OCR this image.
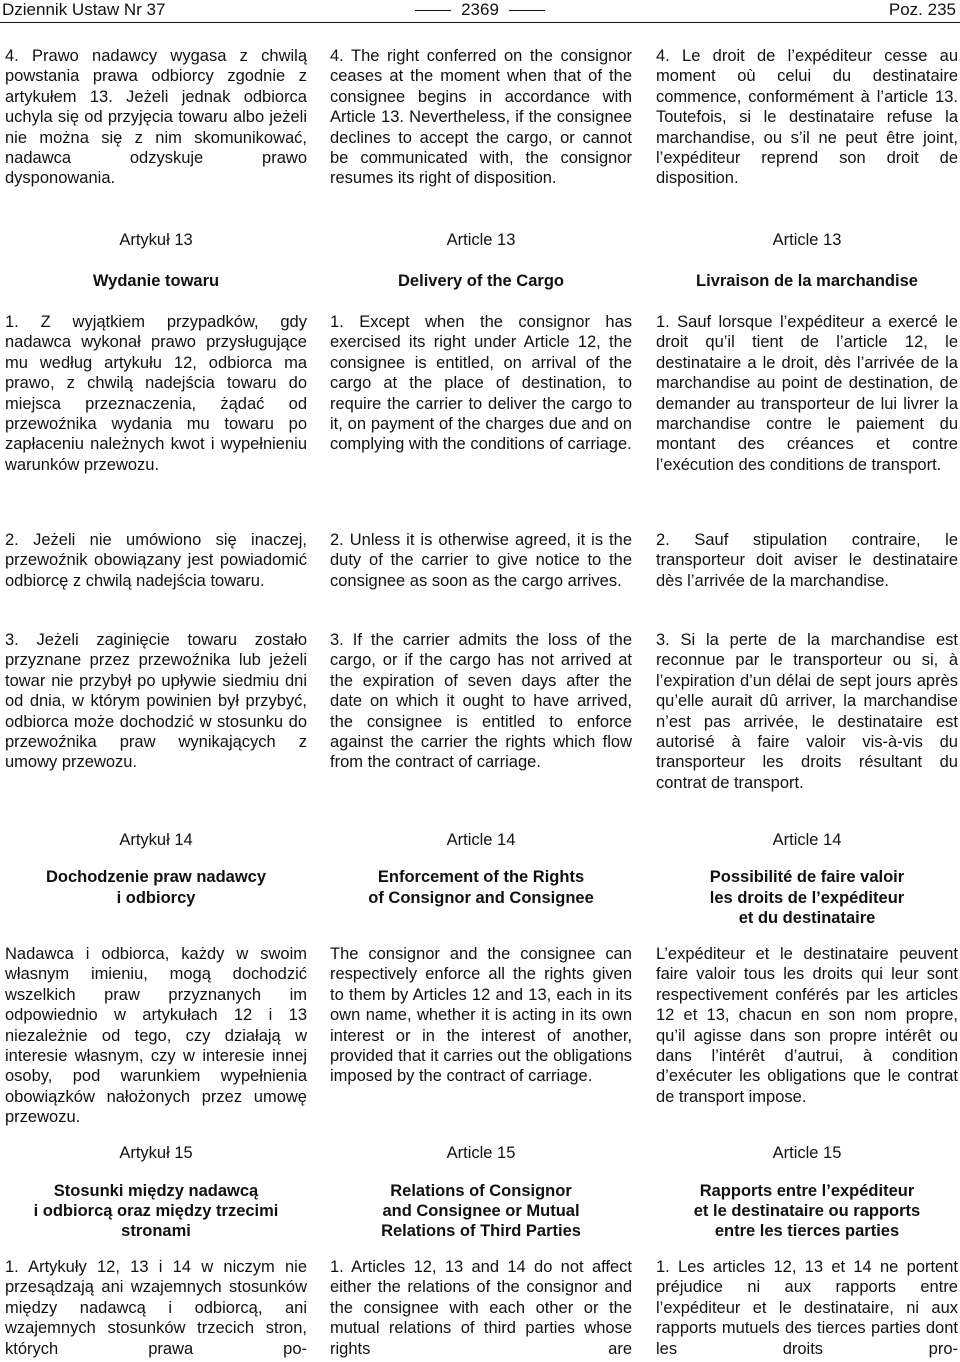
Dziennik Ustaw Nr 37	2369	Poz. 235

4. Prawo nadawcy wygasa z chwilą powstania prawa odbiorcy zgodnie z artykułem 13. Jeżeli jednak odbiorca uchyla się od przyjęcia towaru albo jeżeli nie można się z nim skomunikować, nadawca odzyskuje prawo dysponowania.

Artykuł 13
Wydanie towaru

1. Z wyjątkiem przypadków, gdy nadawca wykonał prawo przysługujące mu według artykułu 12, odbiorca ma prawo, z chwilą nadejścia towaru do miejsca przeznaczenia, żądać od przewoźnika wydania mu towaru po zapłaceniu należnych kwot i wypełnieniu warunków przewozu.

2. Jeżeli nie umówiono się inaczej, przewoźnik obowiązany jest powiadomić odbiorcę z chwilą nadejścia towaru.

3. Jeżeli zaginięcie towaru zostało przyznane przez przewoźnika lub jeżeli towar nie przybył po upływie siedmiu dni od dnia, w którym powinien był przybyć, odbiorca może dochodzić w stosunku do przewoźnika praw wynikających z umowy przewozu.

Artykuł 14
Dochodzenie praw nadawcy
i odbiorcy

Nadawca i odbiorca, każdy w swoim własnym imieniu, mogą dochodzić wszelkich praw przyznanych im odpowiednio w artykułach 12 i 13 niezależnie od tego, czy działają w interesie własnym, czy w interesie innej osoby, pod warunkiem wypełnienia obowiązków nałożonych przez umowę przewozu.

Artykuł 15
Stosunki między nadawcą
i odbiorcą oraz między trzecimi
stronami

1. Artykuły 12, 13 i 14 w niczym nie przesądzają ani wzajemnych stosunków między nadawcą i odbiorcą, ani wzajemnych stosunków trzecich stron, których prawa po-

4. The right conferred on the consignor ceases at the moment when that of the consignee begins in accordance with Article 13. Nevertheless, if the consignee declines to accept the cargo, or cannot be communicated with, the consignor resumes its right of disposition.

Article 13
Delivery of the Cargo

1. Except when the consignor has exercised its right under Article 12, the consignee is entitled, on arrival of the cargo at the place of destination, to require the carrier to deliver the cargo to it, on payment of the charges due and on complying with the conditions of carriage.

2. Unless it is otherwise agreed, it is the duty of the carrier to give notice to the consignee as soon as the cargo arrives.

3. If the carrier admits the loss of the cargo, or if the cargo has not arrived at the expiration of seven days after the date on which it ought to have arrived, the consignee is entitled to enforce against the carrier the rights which flow from the contract of carriage.

Article 14
Enforcement of the Rights
of Consignor and Consignee

The consignor and the consignee can respectively enforce all the rights given to them by Articles 12 and 13, each in its own name, whether it is acting in its own interest or in the interest of another, provided that it carries out the obligations imposed by the contract of carriage.

Article 15
Relations of Consignor
and Consignee or Mutual
Relations of Third Parties

1. Articles 12, 13 and 14 do not affect either the relations of the consignor and the consignee with each other or the mutual relations of third parties whose rights are

4. Le droit de l’expéditeur cesse au moment où celui du destinataire commence, conformément à l’article 13. Toutefois, si le destinataire refuse la marchandise, ou s’il ne peut être joint, l’expéditeur reprend son droit de disposition.

Article 13
Livraison de la marchandise

1. Sauf lorsque l’expéditeur a exercé le droit qu’il tient de l’article 12, le destinataire a le droit, dès l’arrivée de la marchandise au point de destination, de demander au transporteur de lui livrer la marchandise contre le paiement du montant des créances et contre l’exécution des conditions de transport.

2. Sauf stipulation contraire, le transporteur doit aviser le destinataire dès l’arrivée de la marchandise.

3. Si la perte de la marchandise est reconnue par le transporteur ou si, à l’expiration d’un délai de sept jours après qu’elle aurait dû arriver, la marchandise n’est pas arrivée, le destinataire est autorisé à faire valoir vis-à-vis du transporteur les droits résultant du contrat de transport.

Article 14
Possibilité de faire valoir
les droits de l’expéditeur
et du destinataire

L’expéditeur et le destinataire peuvent faire valoir tous les droits qui leur sont respectivement conférés par les articles 12 et 13, chacun en son nom propre, qu’il agisse dans son propre intérêt ou dans l’intérêt d’autrui, à condition d’exécuter les obligations que le contrat de transport impose.

Article 15
Rapports entre l’expéditeur
et le destinataire ou rapports
entre les tierces parties

1. Les articles 12, 13 et 14 ne portent préjudice ni aux rapports entre l’expéditeur et le destinataire, ni aux rapports mutuels des tierces parties dont les droits pro-
